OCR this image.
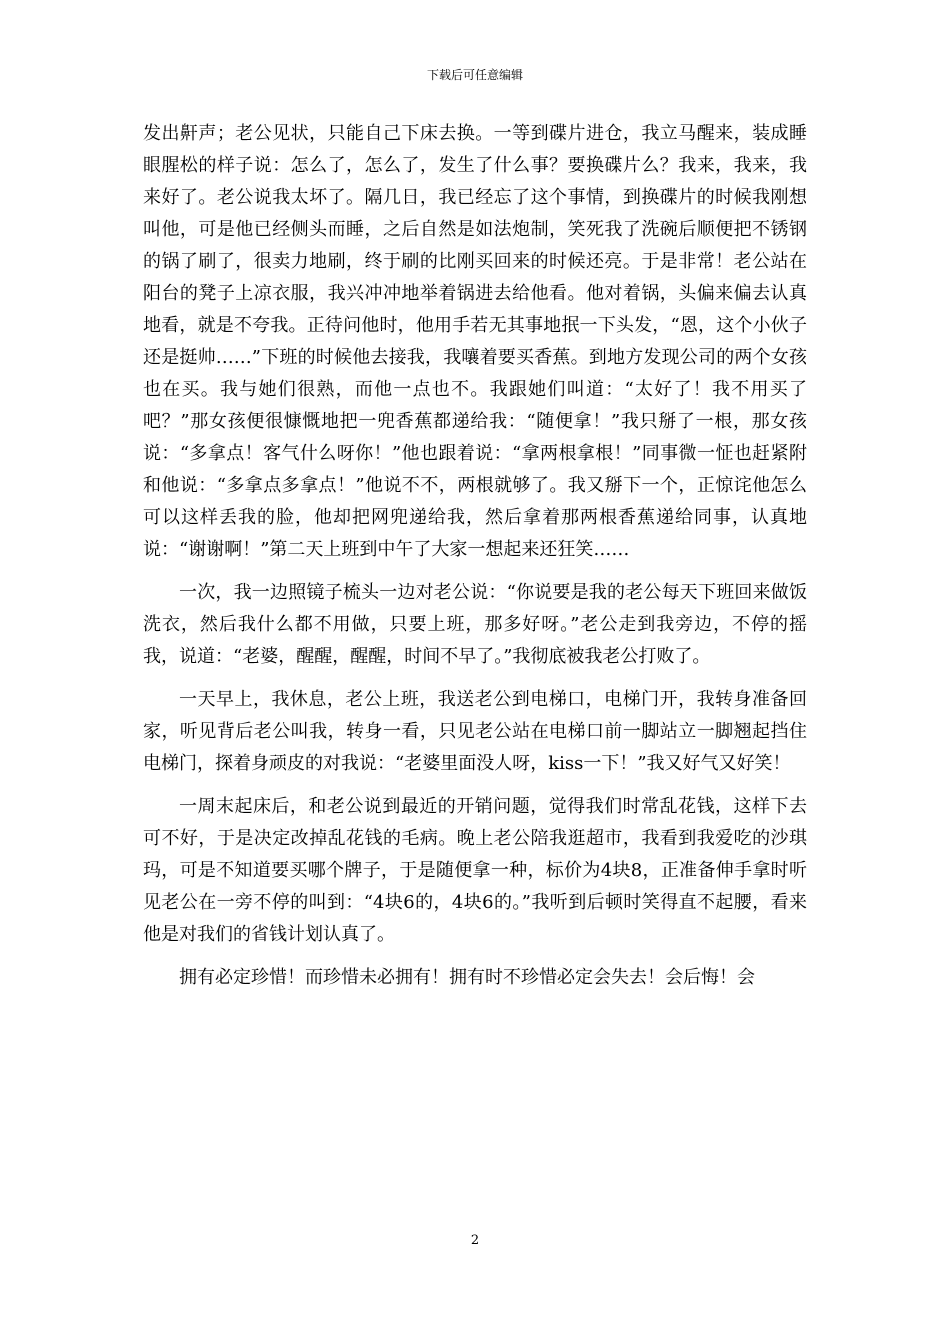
下载后可任意编辑

发出鼾声；老公见状，只能自己下床去换。一等到碟片进仓，我立马醒来，装成睡眼腥松的样子说：怎么了，怎么了，发生了什么事？要换碟片么？我来，我来，我来好了。老公说我太坏了。隔几日，我已经忘了这个事情，到换碟片的时候我刚想叫他，可是他已经侧头而睡，之后自然是如法炮制，笑死我了洗碗后顺便把不锈钢的锅了刷了，很卖力地刷，终于刷的比刚买回来的时候还亮。于是非常！老公站在阳台的凳子上凉衣服，我兴冲冲地举着锅进去给他看。他对着锅，头偏来偏去认真地看，就是不夸我。正待问他时，他用手若无其事地抿一下头发，“恩，这个小伙子还是挺帅……”下班的时候他去接我，我嚷着要买香蕉。到地方发现公司的两个女孩也在买。我与她们很熟，而他一点也不。我跟她们叫道：“太好了！我不用买了吧？”那女孩便很慷慨地把一兜香蕉都递给我：“随便拿！”我只掰了一根，那女孩说：“多拿点！客气什么呀你！”他也跟着说：“拿两根拿根！”同事微一怔也赶紧附和他说：“多拿点多拿点！”他说不不，两根就够了。我又掰下一个，正惊诧他怎么可以这样丢我的脸，他却把网兜递给我，然后拿着那两根香蕉递给同事，认真地说：“谢谢啊！”第二天上班到中午了大家一想起来还狂笑……

一次，我一边照镜子梳头一边对老公说：“你说要是我的老公每天下班回来做饭洗衣，然后我什么都不用做，只要上班，那多好呀。”老公走到我旁边，不停的摇我，说道：“老婆，醒醒，醒醒，时间不早了。”我彻底被我老公打败了。

一天早上，我休息，老公上班，我送老公到电梯口，电梯门开，我转身准备回家，听见背后老公叫我，转身一看，只见老公站在电梯口前一脚站立一脚翘起挡住电梯门，探着身顽皮的对我说：“老婆里面没人呀，kiss一下！”我又好气又好笑！

一周末起床后，和老公说到最近的开销问题，觉得我们时常乱花钱，这样下去可不好，于是决定改掉乱花钱的毛病。晚上老公陪我逛超市，我看到我爱吃的沙琪玛，可是不知道要买哪个牌子，于是随便拿一种，标价为4块8，正准备伸手拿时听见老公在一旁不停的叫到：“4块6的，4块6的。”我听到后顿时笑得直不起腰，看来他是对我们的省钱计划认真了。

拥有必定珍惜！而珍惜未必拥有！拥有时不珍惜必定会失去！会后悔！会

2
